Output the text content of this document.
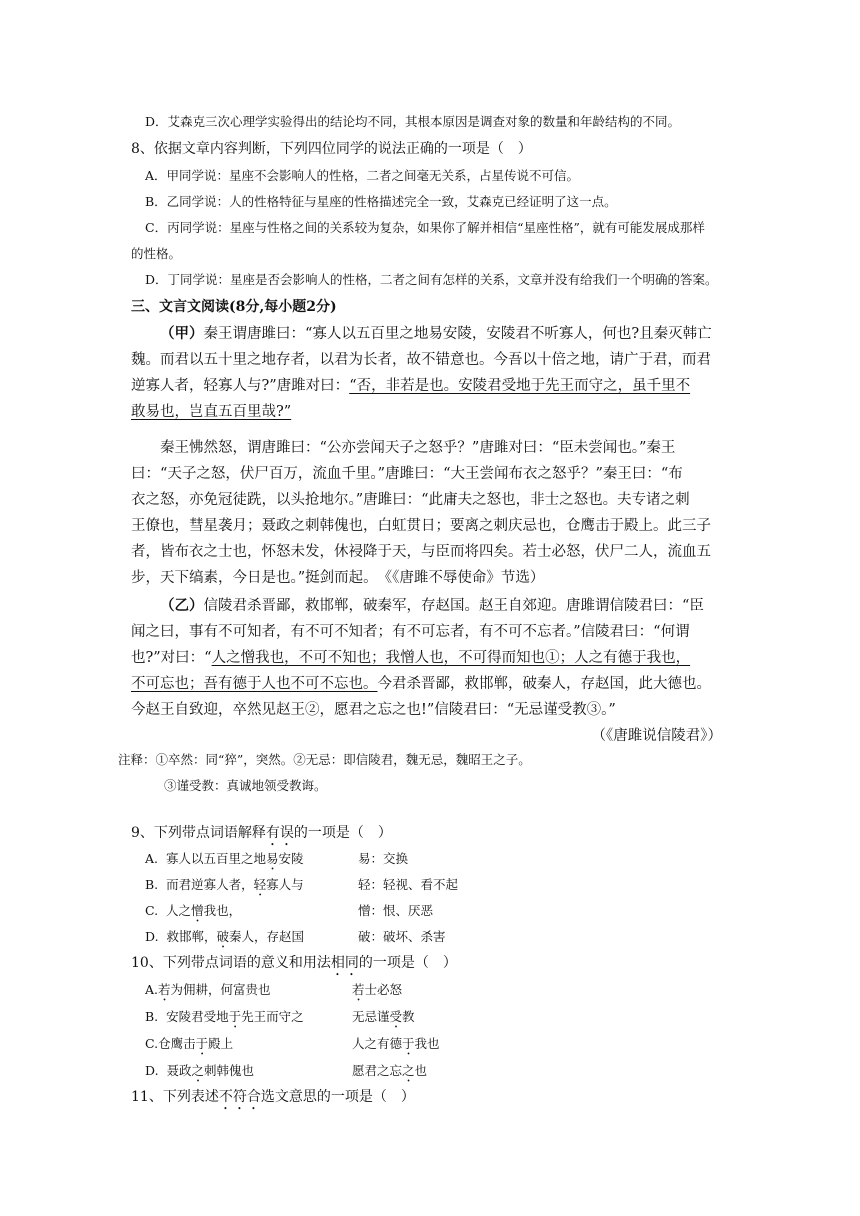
D．艾森克三次心理学实验得出的结论均不同，其根本原因是调查对象的数量和年龄结构的不同。
8、依据文章内容判断，下列四位同学的说法正确的一项是（　）
A．甲同学说：星座不会影响人的性格，二者之间毫无关系，占星传说不可信。
B．乙同学说：人的性格特征与星座的性格描述完全一致，艾森克已经证明了这一点。
C．丙同学说：星座与性格之间的关系较为复杂，如果你了解并相信“星座性格”，就有可能发展成那样
的性格。
D．丁同学说：星座是否会影响人的性格，二者之间有怎样的关系，文章并没有给我们一个明确的答案。
三、文言文阅读(8分,每小题2分)
（甲）秦王谓唐雎曰：“寡人以五百里之地易安陵，安陵君不听寡人，何也?且秦灭韩亡
魏。而君以五十里之地存者，以君为长者，故不错意也。今吾以十倍之地，请广于君，而君
逆寡人者，轻寡人与?”唐雎对曰：“否，非若是也。安陵君受地于先王而守之，虽千里不
敢易也，岂直五百里哉?”
秦王怫然怒，谓唐雎曰：“公亦尝闻天子之怒乎？”唐雎对曰：“臣未尝闻也。”秦王
曰：“天子之怒，伏尸百万，流血千里。”唐雎曰：“大王尝闻布衣之怒乎？”秦王曰：“布
衣之怒，亦免冠徒跣，以头抢地尔。”唐雎曰：“此庸夫之怒也，非士之怒也。夫专诸之刺
王僚也，彗星袭月；聂政之刺韩傀也，白虹贯日；要离之刺庆忌也，仓鹰击于殿上。此三子
者，皆布衣之士也，怀怒未发，休祲降于天，与臣而将四矣。若士必怒，伏尸二人，流血五
步，天下缟素，今日是也。”挺剑而起。　《《唐雎不辱使命》节选）
（乙）信陵君杀晋鄙，救邯郸，破秦军，存赵国。赵王自郊迎。唐雎谓信陵君曰：“臣
闻之曰，事有不可知者，有不可不知者；有不可忘者，有不可不忘者。”信陵君曰：“何谓
也?”对曰：“人之憎我也，不可不知也；我憎人也，不可得而知也①；人之有德于我也，
不可忘也；吾有德于人也不可不忘也。今君杀晋鄙，救邯郸，破秦人，存赵国，此大德也。
今赵王自致迎，卒然见赵王②，愿君之忘之也!”信陵君曰：“无忌谨受教③。”
（《唐雎说信陵君》）
注释：①卒然：同“猝”，突然。②无忌：即信陵君，魏无忌，魏昭王之子。
③谨受教：真诚地领受教诲。
9、下列带点词语解释有误的一项是（　）
A.  寡人以五百里之地易安陵	易：交换
B.  而君逆寡人者，轻寡人与	轻：轻视、看不起
C.  人之憎我也，	憎：恨、厌恶
D.  救邯郸，破秦人，存赵国	破：破坏、杀害
10、下列带点词语的意义和用法相同的一项是（　）
A.若为佣耕，何富贵也	若士必怒
B.  安陵君受地于先王而守之	无忌谨受教
C.仓鹰击于殿上	人之有德于我也
D.  聂政之刺韩傀也	愿君之忘之也
11、下列表述不符合选文意思的一项是（　）
